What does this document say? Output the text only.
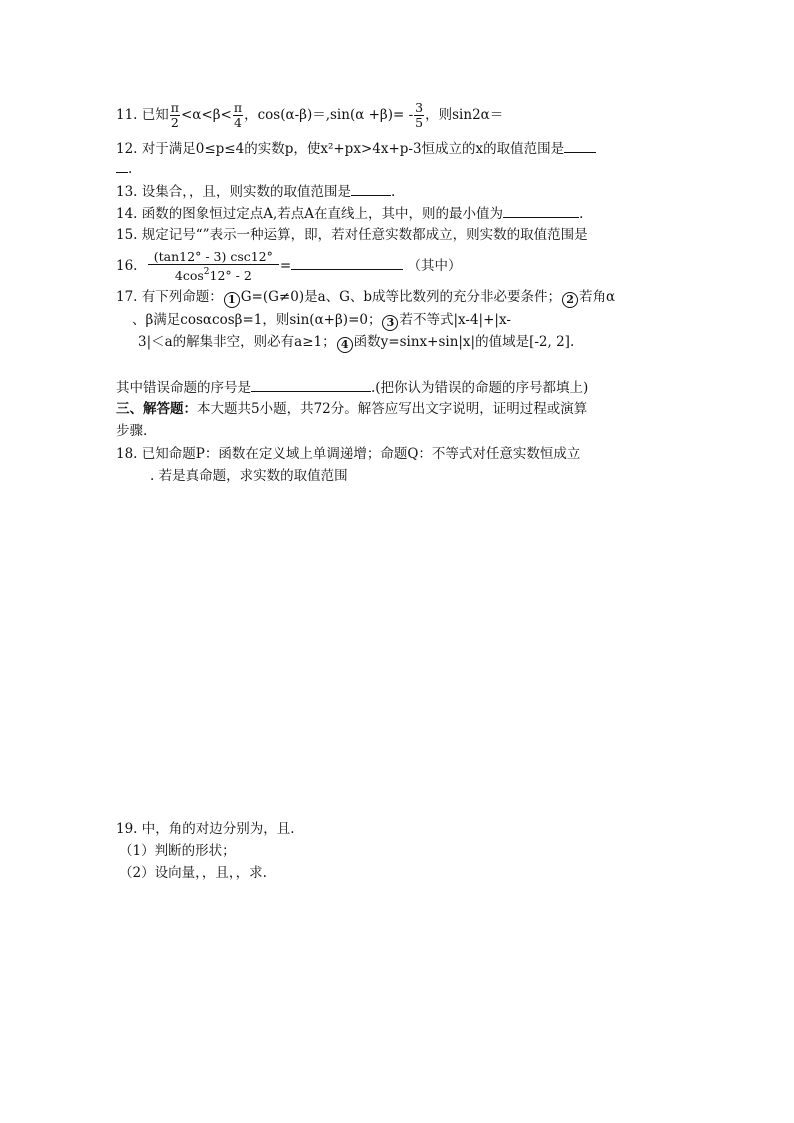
11. 已知 $\frac{\pi}{2} <\alpha<\beta< \frac{\pi}{4}$ ，$\cos(\alpha-\beta)=,\sin(\alpha +\beta)= - \frac{3}{5}$ ，则sin2α＝
12. 对于满足0≤p≤4的实数p，使x²+px>4x+p-3恒成立的x的取值范围是
.
13. 设集合，，且，则实数的取值范围是	.
14. 函数的图象恒过定点A,若点A在直线上，其中，则的最小值为	.
15. 规定记号“”表示一种运算，即，若对任意实数都成立，则实数的取值范围是
16. $\frac{(\tan 12^\circ - 3) \csc 12^\circ}{4\cos^212^\circ - 2}$ =	（其中）
17. 有下列命题： 1 G=(G≠0)是a、G、b成等比数列的充分非必要条件； 2 若角α
、β满足cosαcosβ=1，则sin(α+β)=0； 3 若不等式|x-4|+|x-
3|＜a的解集非空，则必有a≥1； 4 函数y=sinx+sin|x|的值域是[-2, 2].
其中错误命题的序号是	.(把你认为错误的命题的序号都填上)
三、解答题：本大题共5小题，共72分。解答应写出文字说明，证明过程或演算
步骤.
18. 已知命题P：函数在定义域上单调递增；命题Q：不等式对任意实数恒成立
. 若是真命题，求实数的取值范围
19. 中，角的对边分别为，且.
（1）判断的形状；
（2）设向量，，且，，求.
